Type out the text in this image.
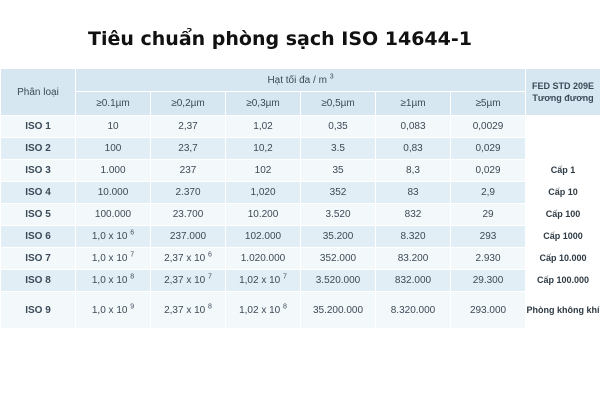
Tiêu chuẩn phòng sạch ISO 14644-1
Phân loại	Hạt tối đa / m $^3$						FED STD 209E
Tương đương
	≥0.1µm	≥0,2µm	≥0,3µm	≥0,5µm	≥1µm	≥5µm	
ISO 1	10	2,37	1,02	0,35	0,083	0,0029	
ISO 2	100	23,7	10,2	3.5	0,83	0,029	
ISO 3	1.000	237	102	35	8,3	0,029	Cấp 1
ISO 4	10.000	2.370	1,020	352	83	2,9	Cấp 10
ISO 5	100.000	23.700	10.200	3.520	832	29	Cấp 100
ISO 6	1,0 x 10 $^6$	237.000	102.000	35.200	8.320	293	Cấp 1000
ISO 7	1,0 x 10 $^7$	2,37 x 10 $^6$	1.020.000	352.000	83.200	2.930	Cấp 10.000
ISO 8	1,0 x 10 $^8$	2,37 x 10 $^7$	1,02 x 10 $^7$	3.520.000	832.000	29.300	Cấp 100.000
ISO 9	1,0 x 10 $^9$	2,37 x 10 $^8$	1,02 x 10 $^8$	35.200.000	8.320.000	293.000	Phòng không khí
